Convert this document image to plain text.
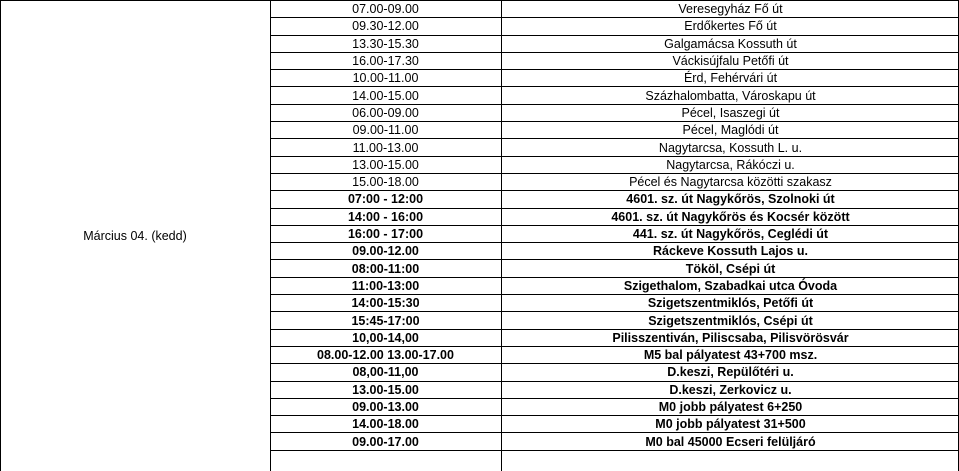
Március 04. (kedd)
07.00-09.00	Veresegyház Fő út
09.30-12.00	Erdőkertes Fő út
13.30-15.30	Galgamácsa Kossuth út
16.00-17.30	Váckisújfalu Petőfi út
10.00-11.00	Érd, Fehérvári út
14.00-15.00	Százhalombatta, Városkapu út
06.00-09.00	Pécel, Isaszegi út
09.00-11.00	Pécel, Maglódi út
11.00-13.00	Nagytarcsa, Kossuth L. u.
13.00-15.00	Nagytarcsa, Rákóczi u.
15.00-18.00	Pécel és Nagytarcsa közötti szakasz
07:00 - 12:00	4601. sz. út Nagykőrös, Szolnoki út
14:00 - 16:00	4601. sz. út Nagykőrös és Kocsér között
16:00 - 17:00	441. sz. út Nagykőrös, Ceglédi út
09.00-12.00	Ráckeve Kossuth Lajos u.
08:00-11:00	Tököl, Csépi út
11:00-13:00	Szigethalom, Szabadkai utca Óvoda
14:00-15:30	Szigetszentmiklós, Petőfi út
15:45-17:00	Szigetszentmiklós, Csépi út
10,00-14,00	Pilisszentiván, Piliscsaba, Pilisvörösvár
08.00-12.00 13.00-17.00	M5 bal pályatest 43+700 msz.
08,00-11,00	D.keszi, Repülőtéri u.
13.00-15.00	D.keszi, Zerkovicz u.
09.00-13.00	M0 jobb pályatest 6+250
14.00-18.00	M0 jobb pályatest 31+500
09.00-17.00	M0 bal 45000 Ecseri felüljáró
